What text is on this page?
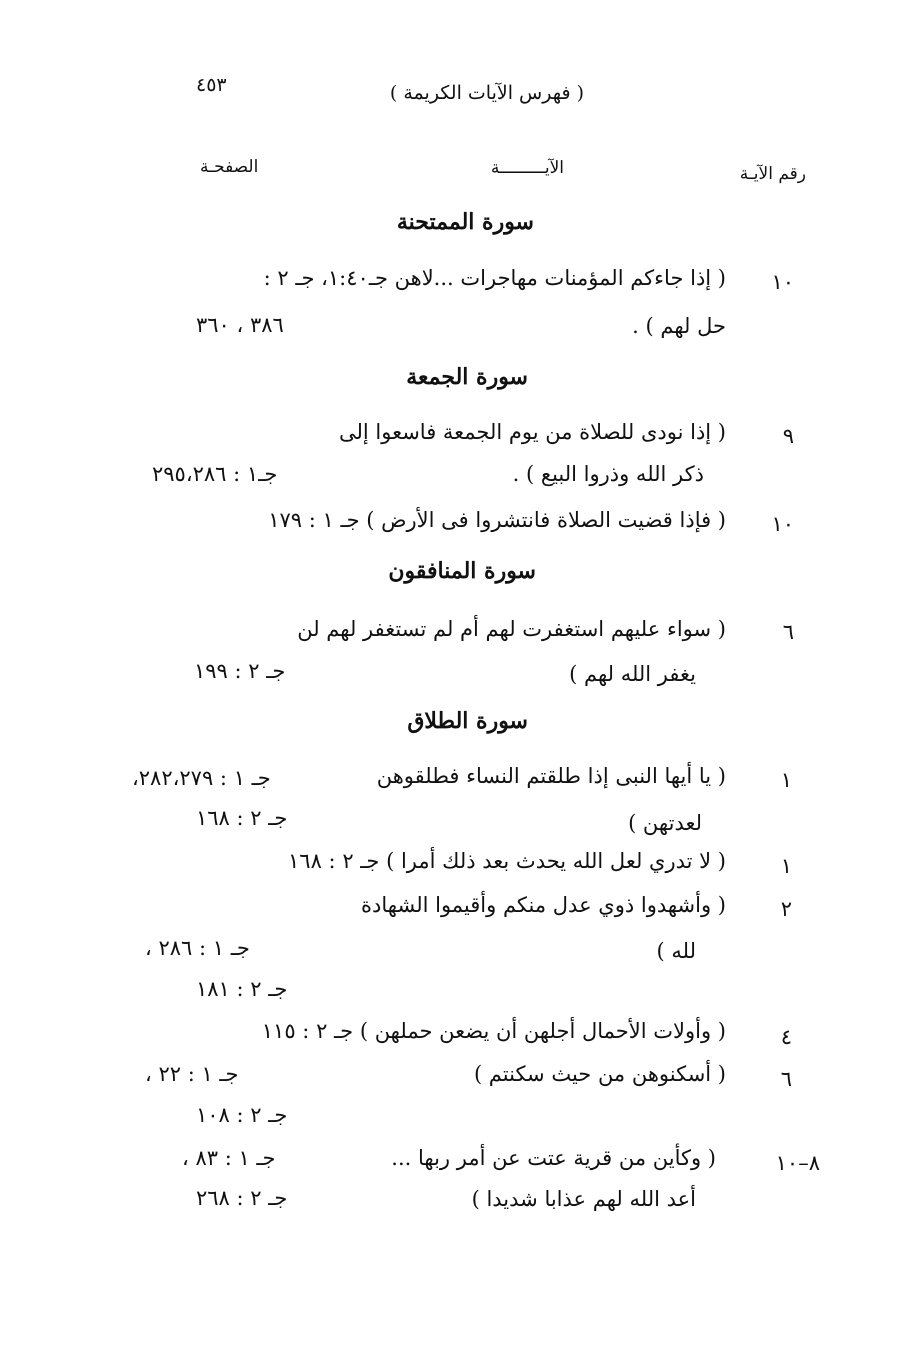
٤٥٣	( فهرس الآيات الكريمة )
رقم الآيـة
الآيـــــــــة
الصفحـة
سورة الممتحنة
١٠
( إذا جاءكم المؤمنات مهاجرات ...لاهن جـ١:٤٠، جـ ٢ :
حل لهم ) .
٣٨٦ ، ٣٦٠
سورة الجمعة
٩
( إذا نودى للصلاة من يوم الجمعة فاسعوا إلى
ذكر الله وذروا البيع ) .
جـ١ : ٢٩٥،٢٨٦
١٠
( فإذا قضيت الصلاة فانتشروا فى الأرض ) جـ ١ : ١٧٩
سورة المنافقون
٦
( سواء عليهم استغفرت لهم أم لم تستغفر لهم لن
يغفر الله لهم )
جـ ٢ : ١٩٩
سورة الطلاق
١
( يا أيها النبى إذا طلقتم النساء فطلقوهن
جـ ١ : ٢٨٢،٢٧٩،
لعدتهن )
جـ ٢ : ١٦٨
١
( لا تدري لعل الله يحدث بعد ذلك أمرا ) جـ ٢ : ١٦٨
٢
( وأشهدوا ذوي عدل منكم وأقيموا الشهادة
لله )
جـ ١ : ٢٨٦ ،
جـ ٢ : ١٨١
٤
( وأولات الأحمال أجلهن أن يضعن حملهن ) جـ ٢ : ١١٥
٦
( أسكنوهن من حيث سكنتم )
جـ ١ : ٢٢ ،
جـ ٢ : ١٠٨
٨–١٠
( وكأين من قرية عتت عن أمر ربها ...
جـ ١ : ٨٣ ،
أعد الله لهم عذابا شديدا )
جـ ٢ : ٢٦٨
